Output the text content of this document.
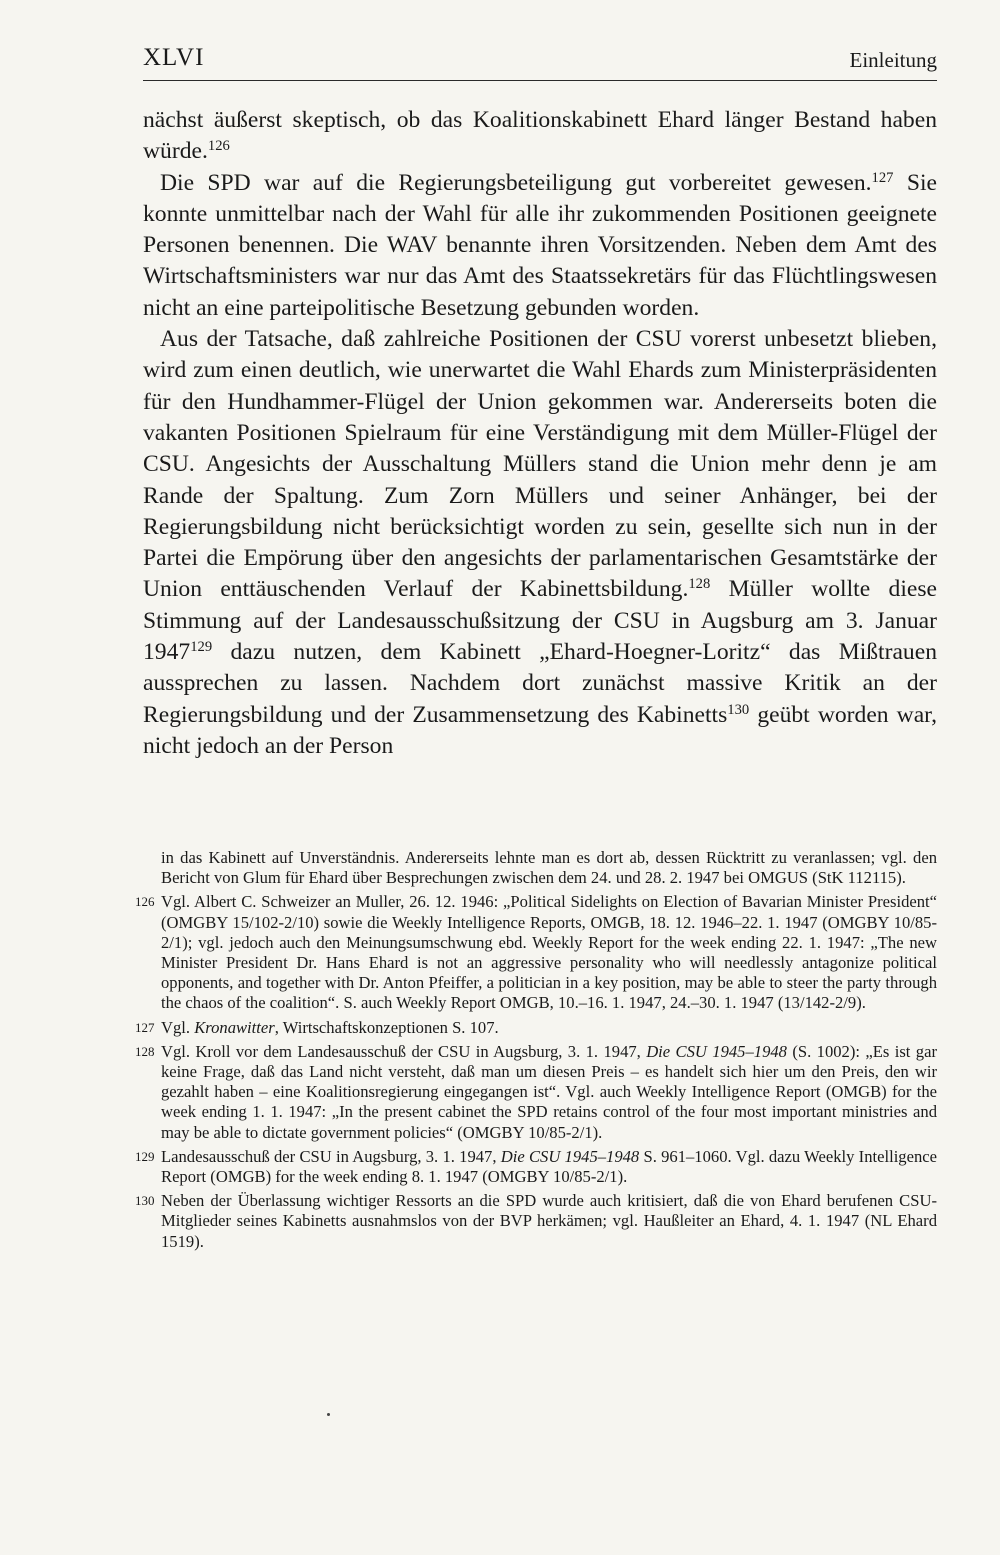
XLVI	Einleitung

nächst äußerst skeptisch, ob das Koalitionskabinett Ehard länger Bestand haben würde.$^{126}$

Die SPD war auf die Regierungsbeteiligung gut vorbereitet gewesen.$^{127}$ Sie konnte unmittelbar nach der Wahl für alle ihr zukommenden Positionen geeignete Personen benennen. Die WAV benannte ihren Vorsitzenden. Neben dem Amt des Wirtschaftsministers war nur das Amt des Staatssekretärs für das Flüchtlingswesen nicht an eine parteipolitische Besetzung gebunden worden.

Aus der Tatsache, daß zahlreiche Positionen der CSU vorerst unbesetzt blieben, wird zum einen deutlich, wie unerwartet die Wahl Ehards zum Ministerpräsidenten für den Hundhammer-Flügel der Union gekommen war. Andererseits boten die vakanten Positionen Spielraum für eine Verständigung mit dem Müller-Flügel der CSU. Angesichts der Ausschaltung Müllers stand die Union mehr denn je am Rande der Spaltung. Zum Zorn Müllers und seiner Anhänger, bei der Regierungsbildung nicht berücksichtigt worden zu sein, gesellte sich nun in der Partei die Empörung über den angesichts der parlamentarischen Gesamtstärke der Union enttäuschenden Verlauf der Kabinettsbildung.$^{128}$ Müller wollte diese Stimmung auf der Landesausschußsitzung der CSU in Augsburg am 3. Januar 1947$^{129}$ dazu nutzen, dem Kabinett „Ehard-Hoegner-Loritz“ das Mißtrauen aussprechen zu lassen. Nachdem dort zunächst massive Kritik an der Regierungsbildung und der Zusammensetzung des Kabinetts$^{130}$ geübt worden war, nicht jedoch an der Person

in das Kabinett auf Unverständnis. Andererseits lehnte man es dort ab, dessen Rücktritt zu veranlassen; vgl. den Bericht von Glum für Ehard über Besprechungen zwischen dem 24. und 28. 2. 1947 bei OMGUS (StK 112115).

126 Vgl. Albert C. Schweizer an Muller, 26. 12. 1946: „Political Sidelights on Election of Bavarian Minister President“ (OMGBY 15/102-2/10) sowie die Weekly Intelligence Reports, OMGB, 18. 12. 1946–22. 1. 1947 (OMGBY 10/85-2/1); vgl. jedoch auch den Meinungsumschwung ebd. Weekly Report for the week ending 22. 1. 1947: „The new Minister President Dr. Hans Ehard is not an aggressive personality who will needlessly antagonize political opponents, and together with Dr. Anton Pfeiffer, a politician in a key position, may be able to steer the party through the chaos of the coalition“. S. auch Weekly Report OMGB, 10.–16. 1. 1947, 24.–30. 1. 1947 (13/142-2/9).

127 Vgl. Kronawitter, Wirtschaftskonzeptionen S. 107.

128 Vgl. Kroll vor dem Landesausschuß der CSU in Augsburg, 3. 1. 1947, Die CSU 1945–1948 (S. 1002): „Es ist gar keine Frage, daß das Land nicht versteht, daß man um diesen Preis – es handelt sich hier um den Preis, den wir gezahlt haben – eine Koalitionsregierung eingegangen ist“. Vgl. auch Weekly Intelligence Report (OMGB) for the week ending 1. 1. 1947: „In the present cabinet the SPD retains control of the four most important ministries and may be able to dictate government policies“ (OMGBY 10/85-2/1).

129 Landesausschuß der CSU in Augsburg, 3. 1. 1947, Die CSU 1945–1948 S. 961–1060. Vgl. dazu Weekly Intelligence Report (OMGB) for the week ending 8. 1. 1947 (OMGBY 10/85-2/1).

130 Neben der Überlassung wichtiger Ressorts an die SPD wurde auch kritisiert, daß die von Ehard berufenen CSU-Mitglieder seines Kabinetts ausnahmslos von der BVP herkämen; vgl. Haußleiter an Ehard, 4. 1. 1947 (NL Ehard 1519).
